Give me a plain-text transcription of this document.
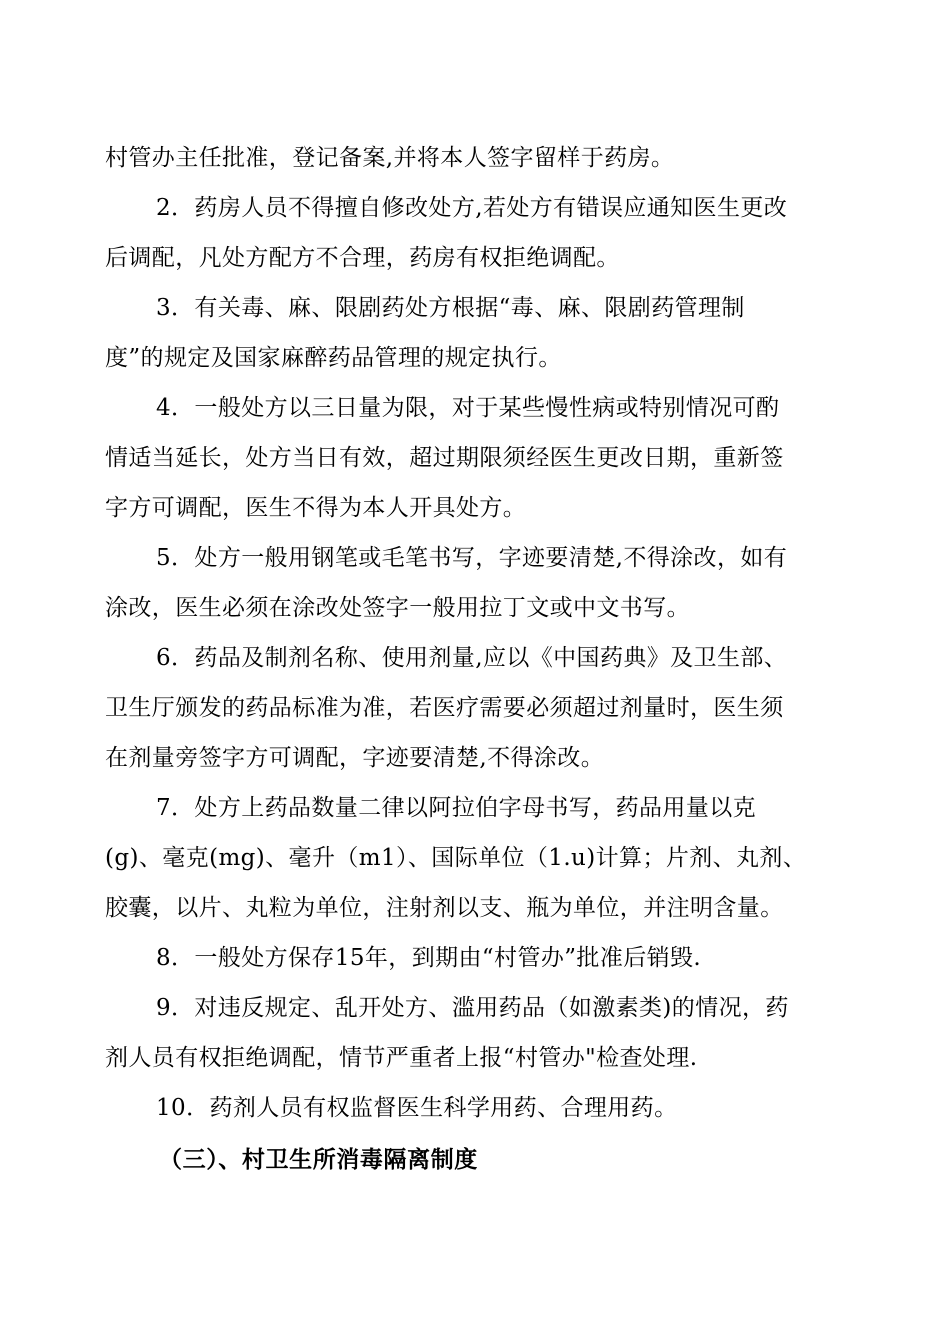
村管办主任批准，登记备案,并将本人签字留样于药房。
2．药房人员不得擅自修改处方,若处方有错误应通知医生更改
后调配，凡处方配方不合理，药房有权拒绝调配。
3．有关毒、麻、限剧药处方根据“毒、麻、限剧药管理制
度”的规定及国家麻醉药品管理的规定执行。
4．一般处方以三日量为限，对于某些慢性病或特别情况可酌
情适当延长，处方当日有效，超过期限须经医生更改日期，重新签
字方可调配，医生不得为本人开具处方。
5．处方一般用钢笔或毛笔书写，字迹要清楚,不得涂改，如有
涂改，医生必须在涂改处签字一般用拉丁文或中文书写。
6．药品及制剂名称、使用剂量,应以《中国药典》及卫生部、
卫生厅颁发的药品标准为准，若医疗需要必须超过剂量时，医生须
在剂量旁签字方可调配，字迹要清楚,不得涂改。
7．处方上药品数量二律以阿拉伯字母书写，药品用量以克
(g)、毫克(mg)、毫升（m1）、国际单位（1.u)计算；片剂、丸剂、
胶囊，以片、丸粒为单位，注射剂以支、瓶为单位，并注明含量。
8．一般处方保存15年，到期由“村管办”批准后销毁.
9．对违反规定、乱开处方、滥用药品（如激素类)的情况，药
剂人员有权拒绝调配，情节严重者上报“村管办"检查处理.
10．药剂人员有权监督医生科学用药、合理用药。
（三）、村卫生所消毒隔离制度
